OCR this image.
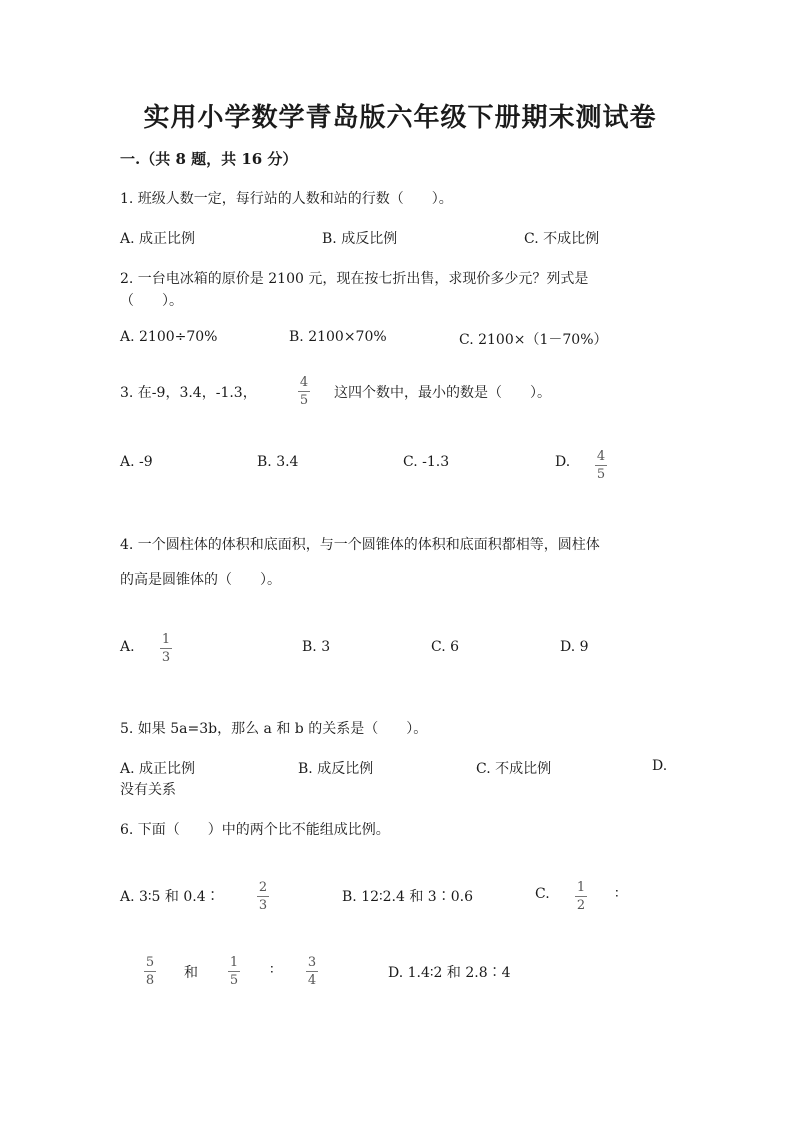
实用小学数学青岛版六年级下册期末测试卷
一.（共 8 题，共 16 分）
1. 班级人数一定，每行站的人数和站的行数（　　）。
A. 成正比例	B. 成反比例	C. 不成比例
2. 一台电冰箱的原价是 2100 元，现在按七折出售，求现价多少元？列式是
（　　）。
A. 2100÷70%	B. 2100×70%	C. 2100×（1－70%）
3. 在-9，3.4，-1.3，
4
5 这四个数中，最小的数是（　　）。
A. -9	B. 3.4	C. -1.3	D. 4
5
4. 一个圆柱体的体积和底面积，与一个圆锥体的体积和底面积都相等，圆柱体
的高是圆锥体的（　　）。
A. 1
3
B. 3	C. 6	D. 9
5. 如果 5a=3b，那么 a 和 b 的关系是（　　）。
A. 成正比例	B. 成反比例	C. 不成比例	D.
没有关系
6. 下面（　　）中的两个比不能组成比例。
A. 3∶5 和 0.4∶
2
3
B. 12∶2.4 和 3∶0.6	C. 1
2
∶
5
8 和
1
5
∶	3
4	D. 1.4∶2 和 2.8∶4
